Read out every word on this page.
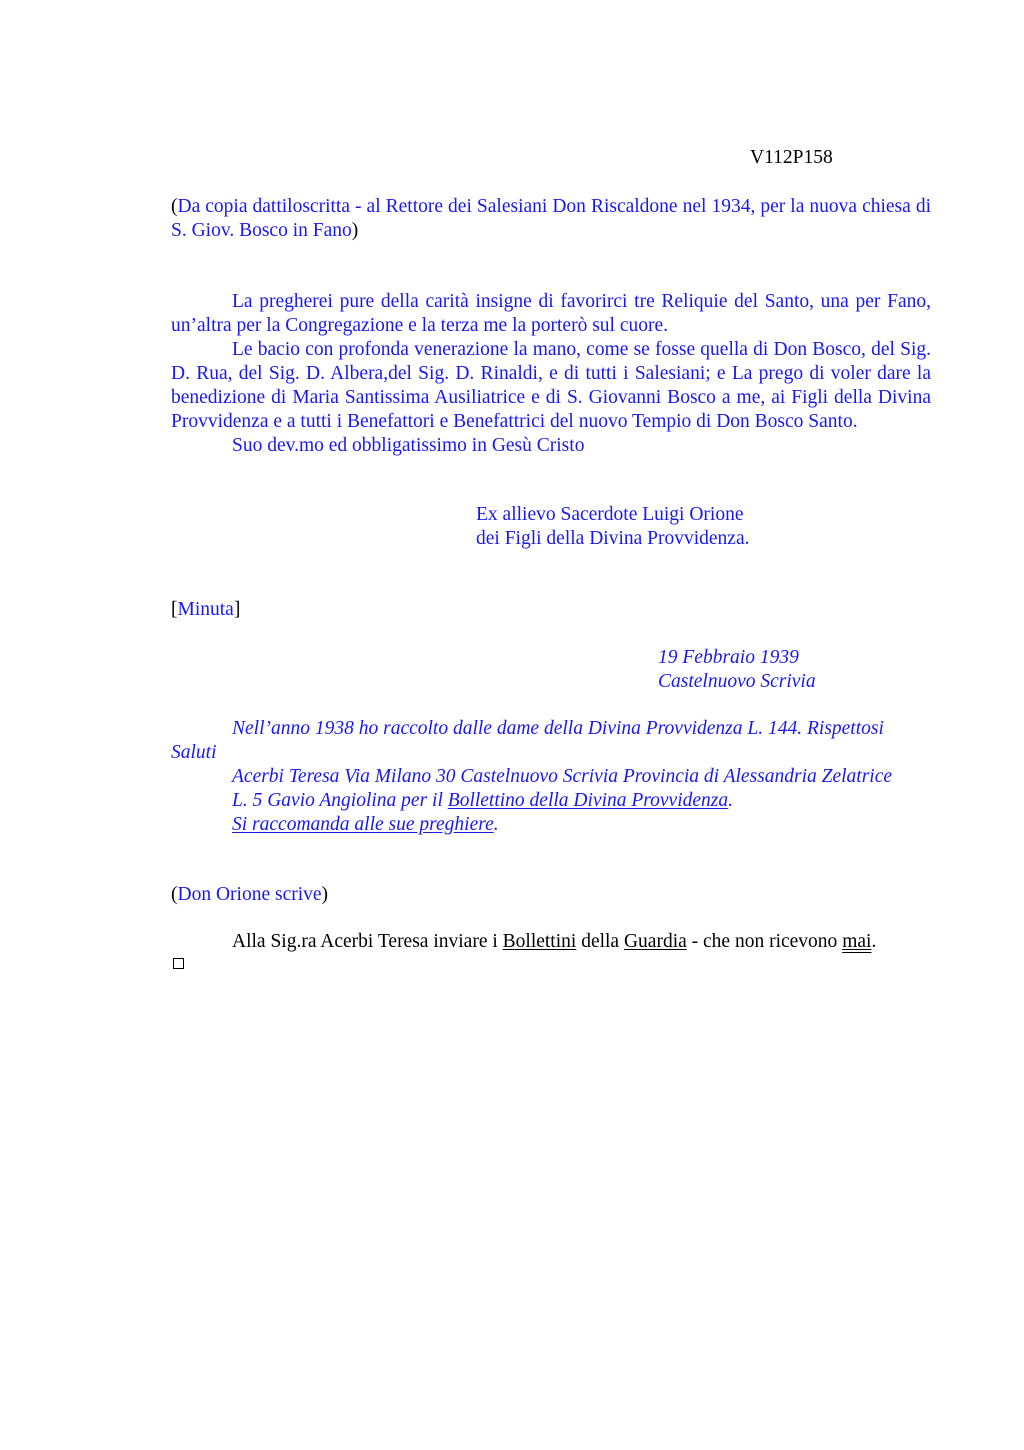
V112P158

(Da copia dattiloscritta - al Rettore dei Salesiani Don Riscaldone nel 1934, per la nuova chiesa di S. Giov. Bosco in Fano)

La pregherei pure della carità insigne di favorirci tre Reliquie del Santo, una per Fano, un’altra per la Congregazione e la terza me la porterò sul cuore.

Le bacio con profonda venerazione la mano, come se fosse quella di Don Bosco, del Sig. D. Rua, del Sig. D. Albera,del Sig. D. Rinaldi, e di tutti i Salesiani; e La prego di voler dare la benedizione di Maria Santissima Ausiliatrice e di S. Giovanni Bosco a me, ai Figli della Divina Provvidenza e a tutti i Benefattori e Benefattrici del nuovo Tempio di Don Bosco Santo.

Suo dev.mo ed obbligatissimo in Gesù Cristo

Ex allievo Sacerdote Luigi Orione
dei Figli della Divina Provvidenza.

[Minuta]

19 Febbraio 1939
Castelnuovo Scrivia

Nell’anno 1938 ho raccolto dalle dame della Divina Provvidenza L. 144. Rispettosi Saluti

Acerbi Teresa Via Milano 30 Castelnuovo Scrivia Provincia di Alessandria Zelatrice

L. 5 Gavio Angiolina per il Bollettino della Divina Provvidenza.

Si raccomanda alle sue preghiere.

(Don Orione scrive)

Alla Sig.ra Acerbi Teresa inviare i Bollettini della Guardia - che non ricevono mai.
